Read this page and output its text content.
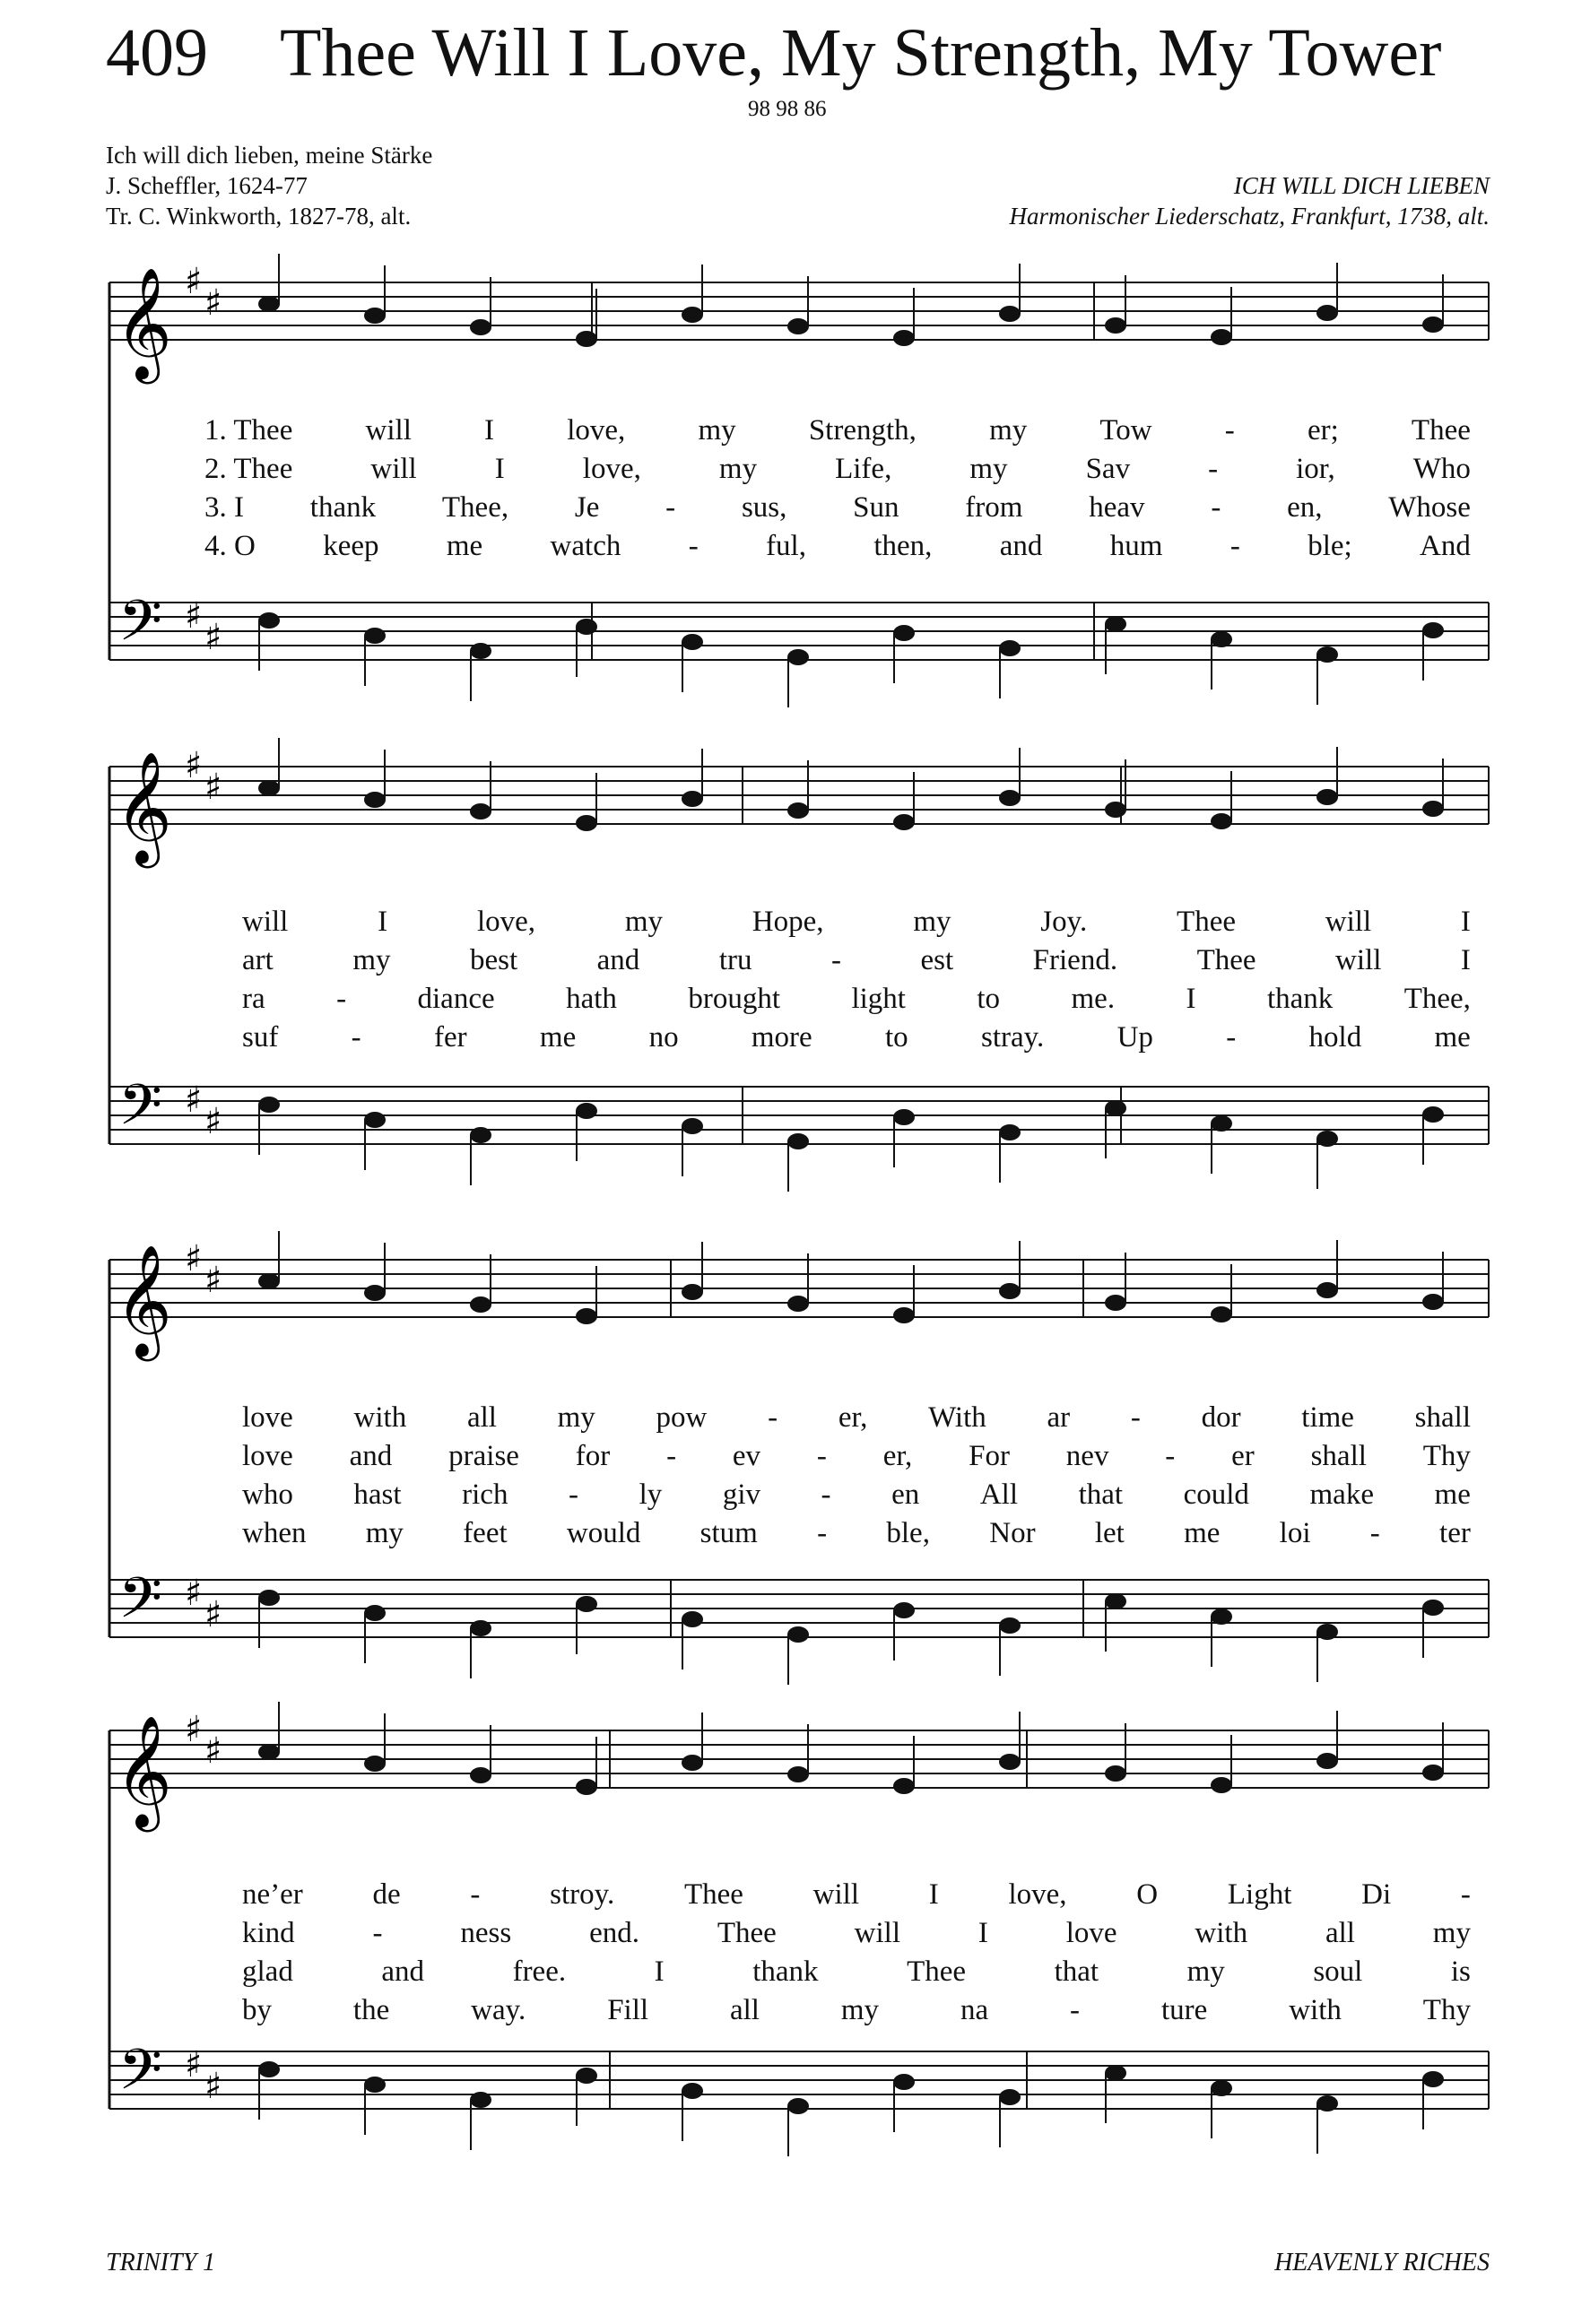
409 Thee Will I Love, My Strength, My Tower
98 98 86
Ich will dich lieben, meine Stärke
J. Scheffler, 1624-77
Tr. C. Winkworth, 1827-78, alt.
ICH WILL DICH LIEBEN
Harmonischer Liederschatz, Frankfurt, 1738, alt.
♯
♯
𝄞
♯
♯
𝄢
♯
♯
𝄞
♯
♯
𝄢
♯
♯
𝄞
♯
♯
𝄢
♯
♯
𝄞
♯
♯
𝄢
1. Thee will I love, my Strength, my Tow - er; Thee
2. Thee	will	I	love,	my	Life,	my	Sav	-	ior,	Who
3. I thank Thee, Je - sus, Sun from heav - en, Whose
4. O keep me watch - ful, then, and hum - ble; And
will	I	love,	my	Hope,	my	Joy.	Thee	will	I
art	my	best	and	tru	-	est	Friend.	Thee	will	I
ra - diance hath brought light to me. I thank Thee,
suf - fer me no more to stray. Up - hold me
love with all my pow - er, With ar - dor time shall
love and praise for - ev - er, For nev - er shall Thy
who hast rich - ly giv - en All that could make me
when my feet would stum - ble, Nor let me loi - ter
ne’er de - stroy. Thee will I love, O Light Di -
kind	-	ness	end.	Thee	will	I	love	with	all	my
glad	and	free.	I	thank	Thee	that	my	soul	is
by	the	way.	Fill	all	my	na	-	ture	with	Thy
TRINITY 1	HEAVENLY RICHES
